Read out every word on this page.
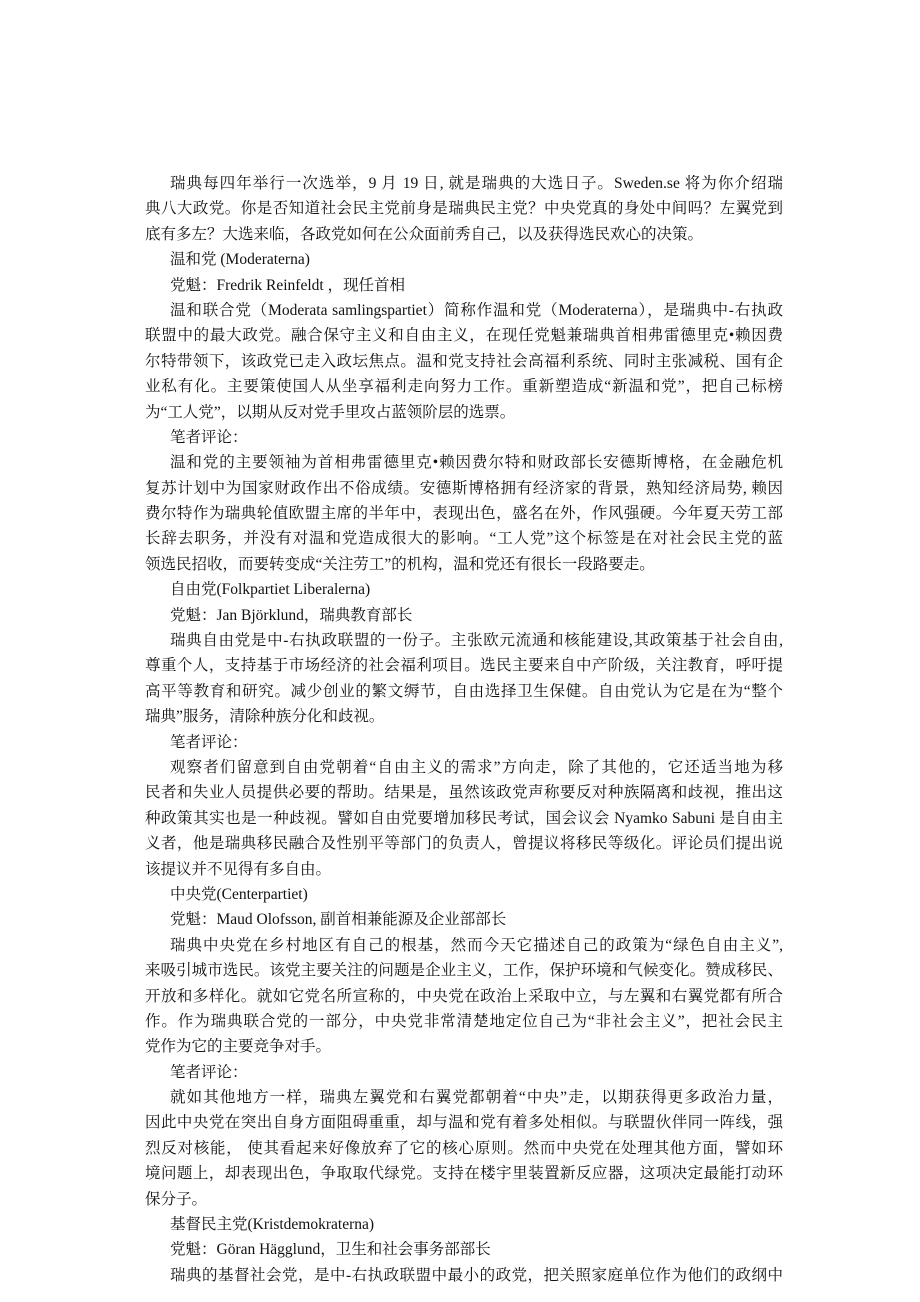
瑞典每四年举行一次选举，9 月 19 日, 就是瑞典的大选日子。Sweden.se 将为你介绍瑞
典八大政党。你是否知道社会民主党前身是瑞典民主党？中央党真的身处中间吗？左翼党到
底有多左？大选来临，各政党如何在公众面前秀自己，以及获得选民欢心的决策。
温和党 (Moderaterna)
党魁：Fredrik Reinfeldt ，现任首相
温和联合党（Moderata samlingspartiet）简称作温和党（Moderaterna），是瑞典中-右执政
联盟中的最大政党。融合保守主义和自由主义，在现任党魁兼瑞典首相弗雷德里克•赖因费
尔特带领下，该政党已走入政坛焦点。温和党支持社会高福利系统、同时主张减税、国有企
业私有化。主要策使国人从坐享福利走向努力工作。重新塑造成“新温和党”，把自己标榜
为“工人党”，以期从反对党手里攻占蓝领阶层的选票。
笔者评论：
温和党的主要领袖为首相弗雷德里克•赖因费尔特和财政部长安德斯博格，在金融危机
复苏计划中为国家财政作出不俗成绩。安德斯博格拥有经济家的背景，熟知经济局势, 赖因
费尔特作为瑞典轮值欧盟主席的半年中，表现出色，盛名在外，作风强硬。今年夏天劳工部
长辞去职务，并没有对温和党造成很大的影响。“工人党”这个标签是在对社会民主党的蓝
领选民招收，而要转变成“关注劳工”的机构，温和党还有很长一段路要走。
自由党(Folkpartiet Liberalerna)
党魁：Jan Björklund，瑞典教育部长
瑞典自由党是中-右执政联盟的一份子。主张欧元流通和核能建设,其政策基于社会自由,
尊重个人，支持基于市场经济的社会福利项目。选民主要来自中产阶级，关注教育，呼吁提
高平等教育和研究。减少创业的繁文缛节，自由选择卫生保健。自由党认为它是在为“整个
瑞典”服务，清除种族分化和歧视。
笔者评论：
观察者们留意到自由党朝着“自由主义的需求”方向走，除了其他的，它还适当地为移
民者和失业人员提供必要的帮助。结果是，虽然该政党声称要反对种族隔离和歧视，推出这
种政策其实也是一种歧视。譬如自由党要增加移民考试，国会议会 Nyamko Sabuni 是自由主
义者，他是瑞典移民融合及性别平等部门的负责人，曾提议将移民等级化。评论员们提出说
该提议并不见得有多自由。
中央党(Centerpartiet)
党魁：Maud Olofsson, 副首相兼能源及企业部部长
瑞典中央党在乡村地区有自己的根基，然而今天它描述自己的政策为“绿色自由主义”,
来吸引城市选民。该党主要关注的问题是企业主义，工作，保护环境和气候变化。赞成移民、
开放和多样化。就如它党名所宣称的，中央党在政治上采取中立，与左翼和右翼党都有所合
作。作为瑞典联合党的一部分，中央党非常清楚地定位自己为“非社会主义”，把社会民主
党作为它的主要竞争对手。
笔者评论：
就如其他地方一样，瑞典左翼党和右翼党都朝着“中央”走，以期获得更多政治力量，
因此中央党在突出自身方面阻碍重重，却与温和党有着多处相似。与联盟伙伴同一阵线，强
烈反对核能， 使其看起来好像放弃了它的核心原则。然而中央党在处理其他方面，譬如环
境问题上，却表现出色，争取取代绿党。支持在楼宇里装置新反应器，这项决定最能打动环
保分子。
基督民主党(Kristdemokraterna)
党魁：Göran Hägglund，卫生和社会事务部部长
瑞典的基督社会党，是中-右执政联盟中最小的政党，把关照家庭单位作为他们的政纲中
